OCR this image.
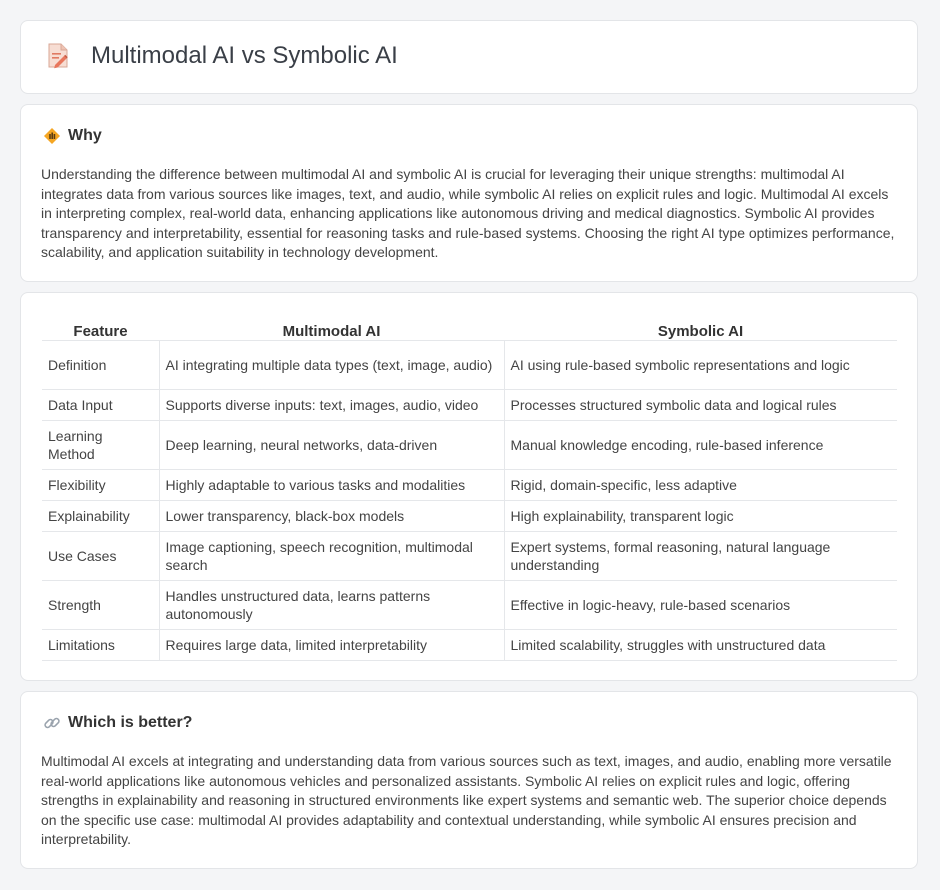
Multimodal AI vs Symbolic AI
Why

Understanding the difference between multimodal AI and symbolic AI is crucial for leveraging their unique strengths: multimodal AI integrates data from various sources like images, text, and audio, while symbolic AI relies on explicit rules and logic. Multimodal AI excels in interpreting complex, real-world data, enhancing applications like autonomous driving and medical diagnostics. Symbolic AI provides transparency and interpretability, essential for reasoning tasks and rule-based systems. Choosing the right AI type optimizes performance, scalability, and application suitability in technology development.

Feature	Multimodal AI	Symbolic AI
Definition	AI integrating multiple data types (text, image, audio)	AI using rule-based symbolic representations and logic
Data Input	Supports diverse inputs: text, images, audio, video	Processes structured symbolic data and logical rules
Learning Method	Deep learning, neural networks, data-driven	Manual knowledge encoding, rule-based inference
Flexibility	Highly adaptable to various tasks and modalities	Rigid, domain-specific, less adaptive
Explainability	Lower transparency, black-box models	High explainability, transparent logic
Use Cases	Image captioning, speech recognition, multimodal search	Expert systems, formal reasoning, natural language understanding
Strength	Handles unstructured data, learns patterns autonomously	Effective in logic-heavy, rule-based scenarios
Limitations	Requires large data, limited interpretability	Limited scalability, struggles with unstructured data
Which is better?

Multimodal AI excels at integrating and understanding data from various sources such as text, images, and audio, enabling more versatile real-world applications like autonomous vehicles and personalized assistants. Symbolic AI relies on explicit rules and logic, offering strengths in explainability and reasoning in structured environments like expert systems and semantic web. The superior choice depends on the specific use case: multimodal AI provides adaptability and contextual understanding, while symbolic AI ensures precision and interpretability.
